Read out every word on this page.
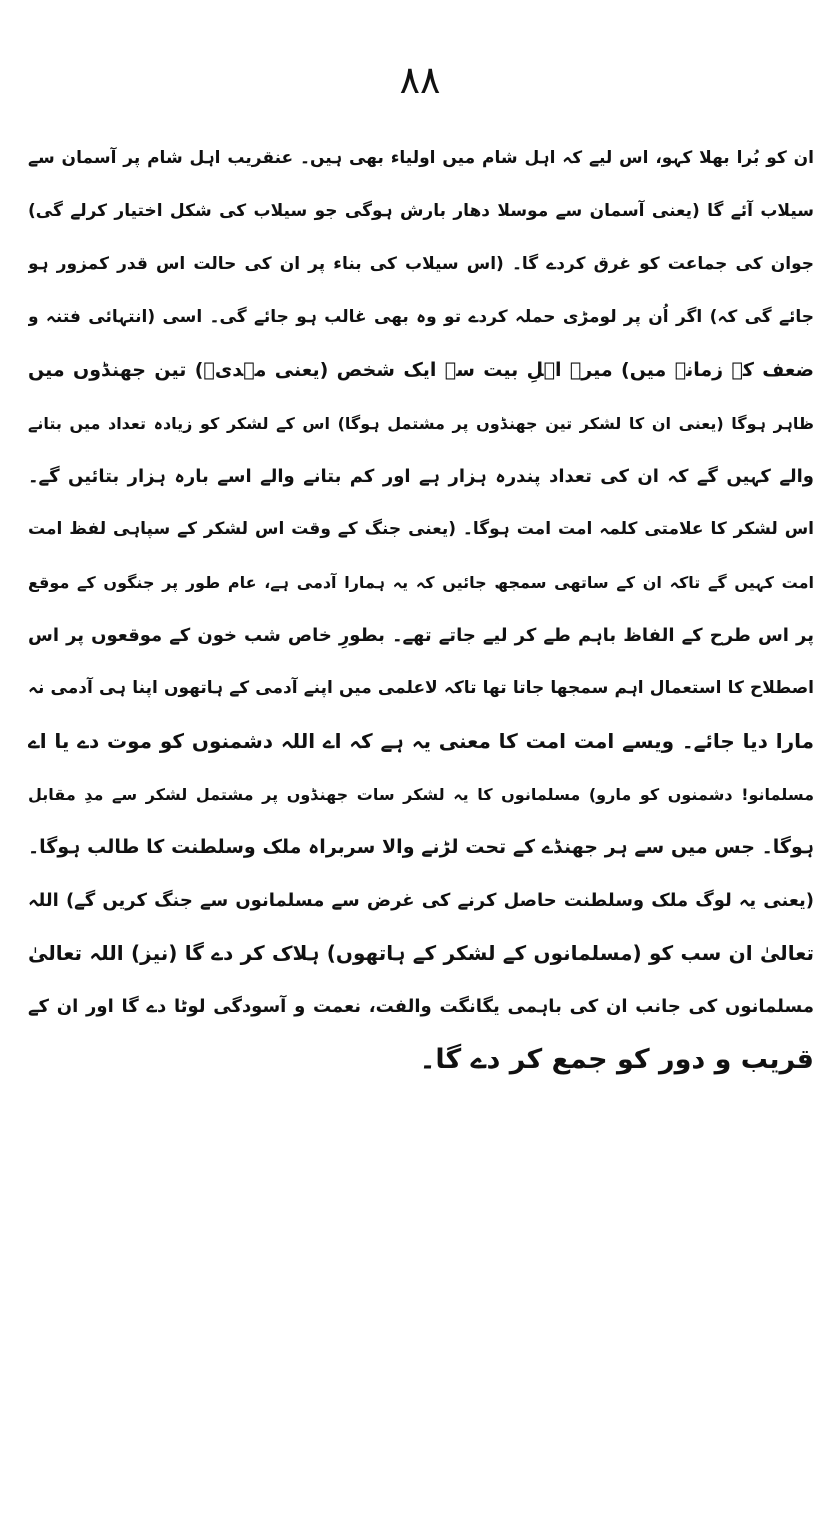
۸۸
ان کو بُرا بھلا کہو، اس لیے کہ اہل شام میں اولیاء بھی ہیں۔ عنقریب اہل شام پر آسمان سے
سیلاب آئے گا (یعنی آسمان سے موسلا دھار بارش ہوگی جو سیلاب کی شکل اختیار کرلے گی)
جوان کی جماعت کو غرق کردے گا۔ (اس سیلاب کی بناء پر ان کی حالت اس قدر کمزور ہو
جائے گی کہ) اگر اُن پر لومڑی حملہ کردے تو وہ بھی غالب ہو جائے گی۔ اسی (انتہائی فتنہ و
ضعف کے زمانہ میں) میرے اہلِ بیت سے ایک شخص (یعنی مہدیؒ) تین جھنڈوں میں
ظاہر ہوگا (یعنی ان کا لشکر تین جھنڈوں پر مشتمل ہوگا) اس کے لشکر کو زیادہ تعداد میں بتانے
والے کہیں گے کہ ان کی تعداد پندرہ ہزار ہے اور کم بتانے والے اسے بارہ ہزار بتائیں گے۔
اس لشکر کا علامتی کلمہ امت امت ہوگا۔ (یعنی جنگ کے وقت اس لشکر کے سپاہی لفظ امت
امت کہیں گے تاکہ ان کے ساتھی سمجھ جائیں کہ یہ ہمارا آدمی ہے، عام طور پر جنگوں کے موقع
پر اس طرح کے الفاظ باہم طے کر لیے جاتے تھے۔ بطورِ خاص شب خون کے موقعوں پر اس
اصطلاح کا استعمال اہم سمجھا جاتا تھا تاکہ لاعلمی میں اپنے آدمی کے ہاتھوں اپنا ہی آدمی نہ
مارا دیا جائے۔ ویسے امت امت کا معنی یہ ہے کہ اے اللہ دشمنوں کو موت دے یا اے
مسلمانو! دشمنوں کو مارو) مسلمانوں کا یہ لشکر سات جھنڈوں پر مشتمل لشکر سے مدِ مقابل
ہوگا۔ جس میں سے ہر جھنڈے کے تحت لڑنے والا سربراہ ملک وسلطنت کا طالب ہوگا۔
(یعنی یہ لوگ ملک وسلطنت حاصل کرنے کی غرض سے مسلمانوں سے جنگ کریں گے) اللہ
تعالیٰ ان سب کو (مسلمانوں کے لشکر کے ہاتھوں) ہلاک کر دے گا (نیز) اللہ تعالیٰ
مسلمانوں کی جانب ان کی باہمی یگانگت والفت، نعمت و آسودگی لوٹا دے گا اور ان کے
قریب و دور کو جمع کر دے گا۔
